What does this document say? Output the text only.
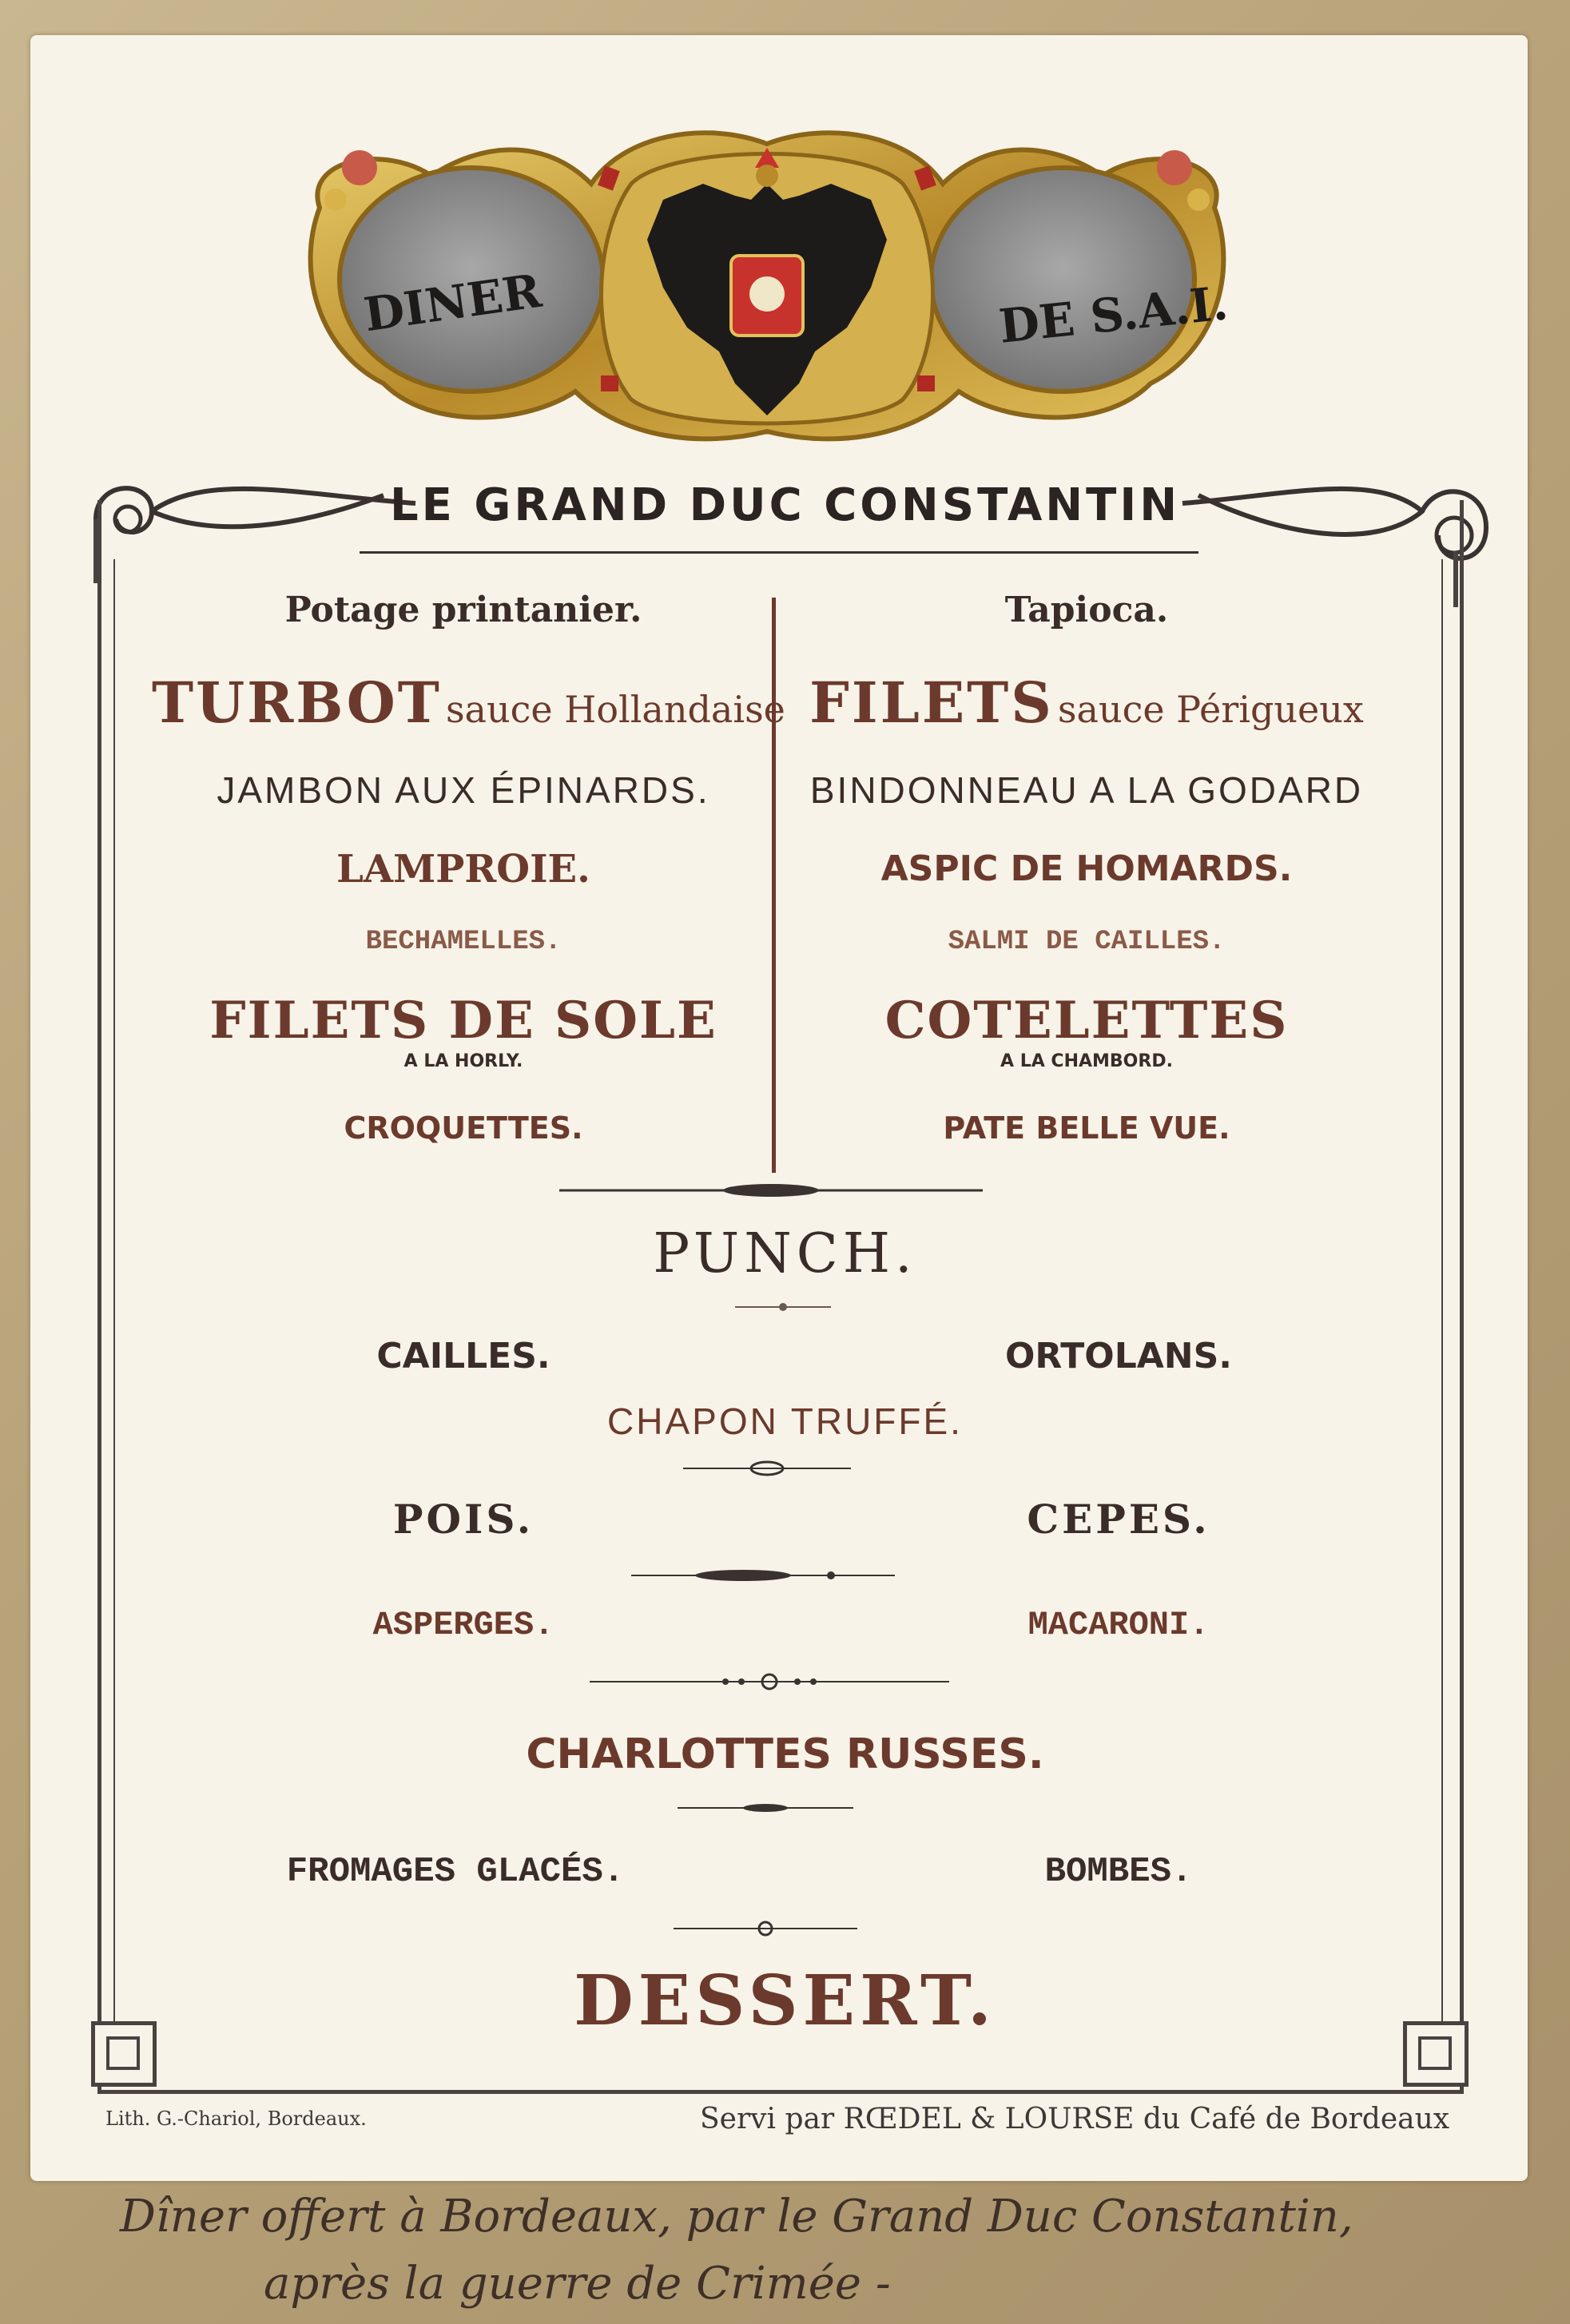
DINER	DE S.A.I.
LE GRAND DUC CONSTANTIN
Potage printanier.
TURBOT sauce Hollandaise
JAMBON AUX ÉPINARDS.
LAMPROIE.
BECHAMELLES.
FILETS DE SOLE
A LA HORLY.
CROQUETTES.
Tapioca.
FILETS sauce Périgueux
BINDONNEAU A LA GODARD
ASPIC DE HOMARDS.
SALMI DE CAILLES.
COTELETTES
A LA CHAMBORD.
PATE BELLE VUE.
PUNCH.
CAILLES.	ORTOLANS.
CHAPON TRUFFÉ.
POIS.	CEPES.
ASPERGES.	MACARONI.
CHARLOTTES RUSSES.
FROMAGES GLACÉS.	BOMBES.
DESSERT.
Lith. G.-Chariol, Bordeaux.	Servi par RŒDEL & LOURSE du Café de Bordeaux
Dîner offert à Bordeaux, par le Grand Duc Constantin,
après la guerre de Crimée -
